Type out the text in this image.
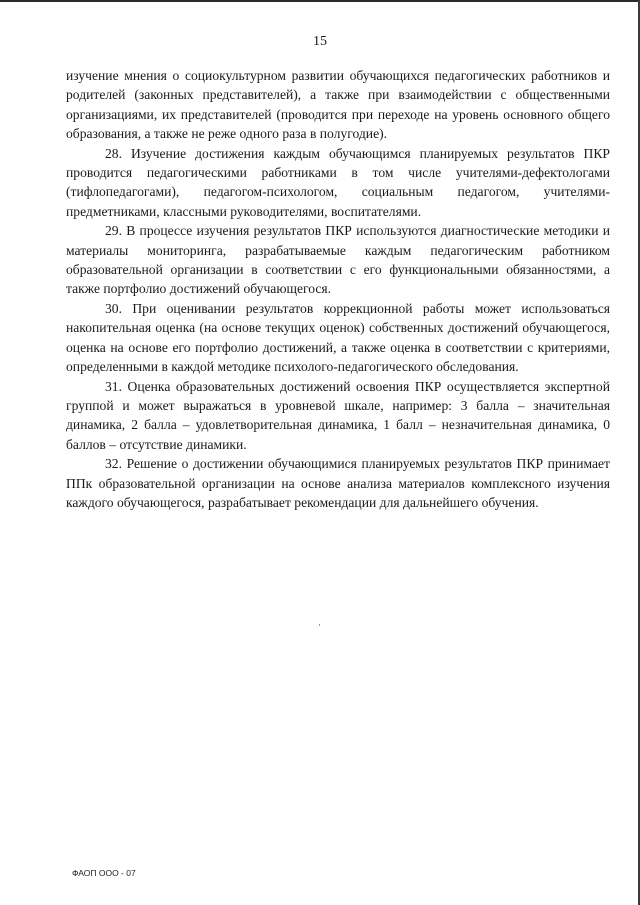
15

изучение мнения о социокультурном развитии обучающихся педагогических работников и родителей (законных представителей), а также при взаимодействии с общественными организациями, их представителей (проводится при переходе на уровень основного общего образования, а также не реже одного раза в полугодие).

28. Изучение достижения каждым обучающимся планируемых результатов ПКР проводится педагогическими работниками в том числе учителями-дефектологами (тифлопедагогами), педагогом-психологом, социальным педагогом, учителями-предметниками, классными руководителями, воспитателями.

29. В процессе изучения результатов ПКР используются диагностические методики и материалы мониторинга, разрабатываемые каждым педагогическим работником образовательной организации в соответствии с его функциональными обязанностями, а также портфолио достижений обучающегося.

30. При оценивании результатов коррекционной работы может использоваться накопительная оценка (на основе текущих оценок) собственных достижений обучающегося, оценка на основе его портфолио достижений, а также оценка в соответствии с критериями, определенными в каждой методике психолого-педагогического обследования.

31. Оценка образовательных достижений освоения ПКР осуществляется экспертной группой и может выражаться в уровневой шкале, например: 3 балла – значительная динамика, 2 балла – удовлетворительная динамика, 1 балл – незначительная динамика, 0 баллов – отсутствие динамики.

32. Решение о достижении обучающимися планируемых результатов ПКР принимает ППк образовательной организации на основе анализа материалов комплексного изучения каждого обучающегося, разрабатывает рекомендации для дальнейшего обучения.

ФАОП ООО - 07
